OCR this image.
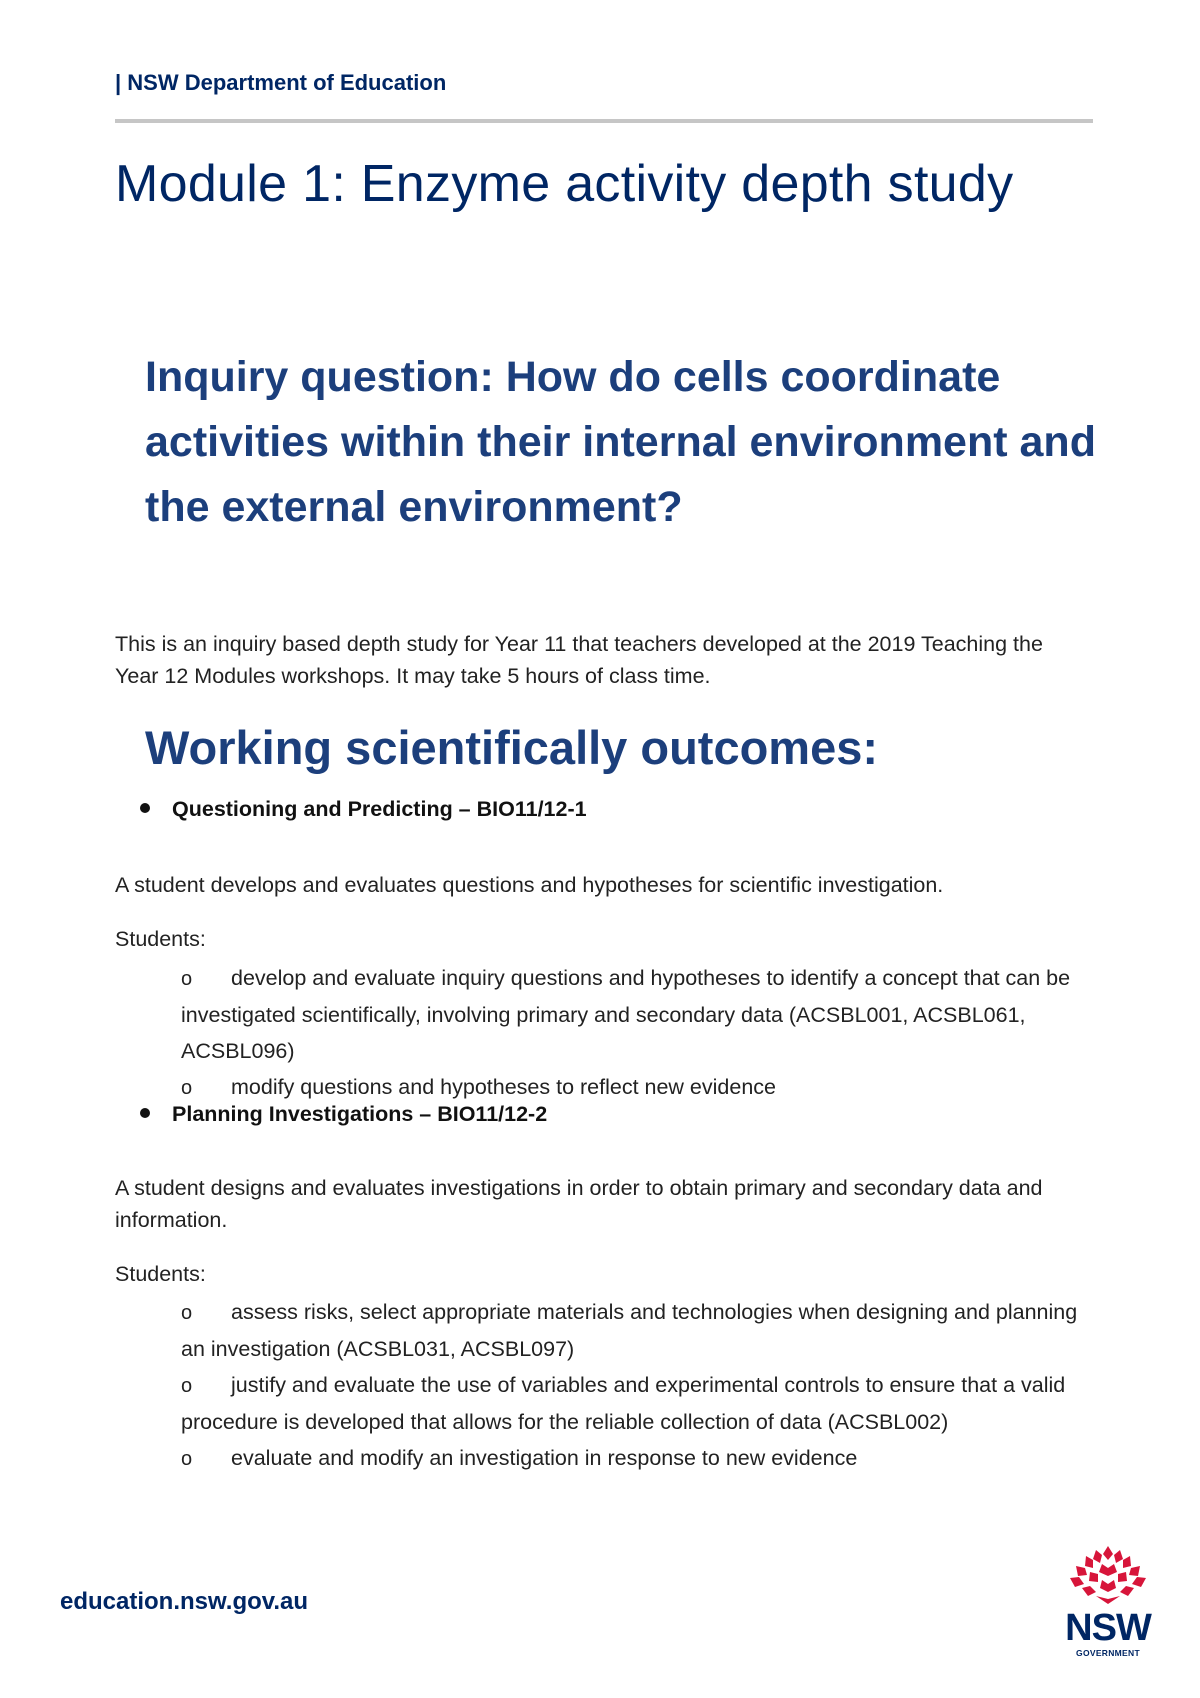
| NSW Department of Education
Module 1: Enzyme activity depth study
Inquiry question: How do cells coordinate activities within their internal environment and the external environment?

This is an inquiry based depth study for Year 11 that teachers developed at the 2019 Teaching the Year 12 Modules workshops. It may take 5 hours of class time.

Working scientifically outcomes:
Questioning and Predicting – BIO11/12-1

A student develops and evaluates questions and hypotheses for scientific investigation.

Students:

o develop and evaluate inquiry questions and hypotheses to identify a concept that can be investigated scientifically, involving primary and secondary data (ACSBL001, ACSBL061, ACSBL096)
o modify questions and hypotheses to reflect new evidence
Planning Investigations – BIO11/12-2

A student designs and evaluates investigations in order to obtain primary and secondary data and information.

Students:

o assess risks, select appropriate materials and technologies when designing and planning an investigation (ACSBL031, ACSBL097)
o justify and evaluate the use of variables and experimental controls to ensure that a valid procedure is developed that allows for the reliable collection of data (ACSBL002)
o evaluate and modify an investigation in response to new evidence
education.nsw.gov.au
NSW
GOVERNMENT
